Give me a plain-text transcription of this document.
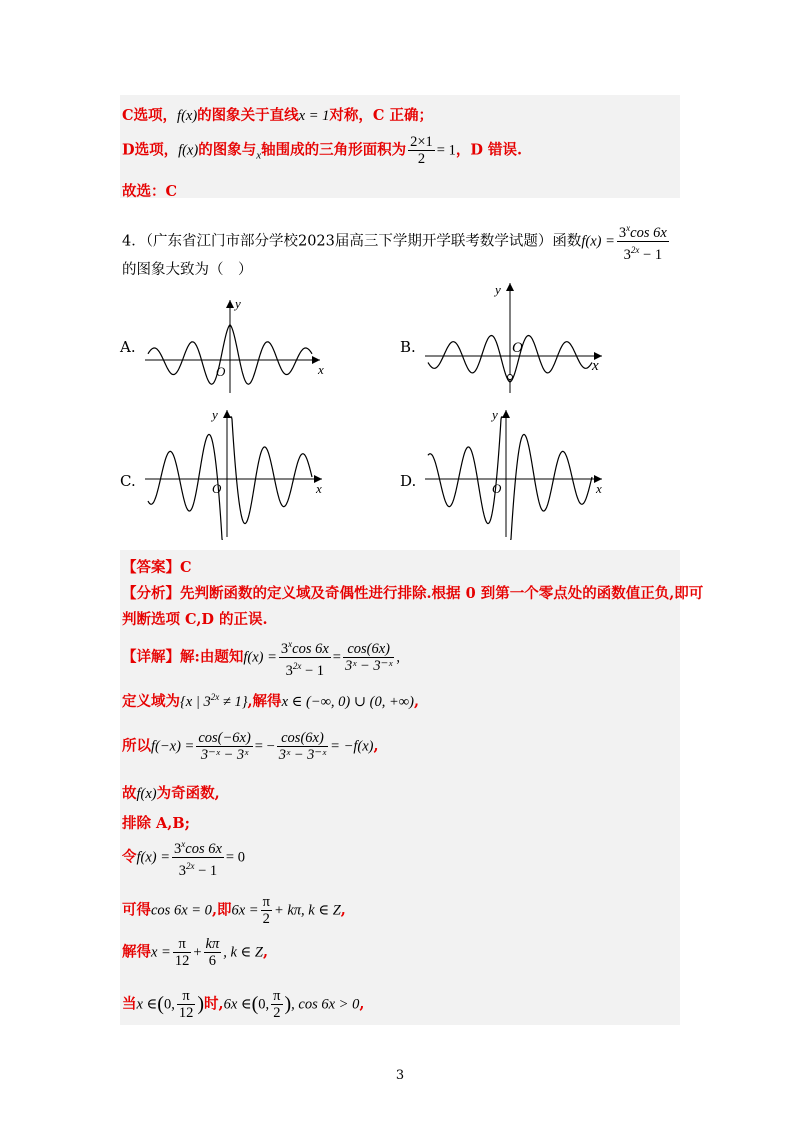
C选项，f(x)的图象关于直线x = 1对称，C 正确；
D选项，f(x)的图象与$_x$轴围成的三角形面积为 $\frac{2\times 1}{2} = 1$，D 错误.
故选：C
4．（广东省江门市部分学校2023届高三下学期开学联考数学试题）函数$f(x) = \frac{3^x\cos 6x}{3^{2x} - 1}$
的图象大致为（　）
A.	B.
C.	D.
y
x
O
y
x
O
y
x
O
y
x
O
【答案】C
【分析】先判断函数的定义域及奇偶性进行排除.根据 0 到第一个零点处的函数值正负,即可
判断选项 C,D 的正误.
【详解】解:由题知$f(x) = \frac{3^x\cos 6x}{3^{2x} - 1} = \frac{\cos(6x)}{\text{3ˣ − 3⁻ˣ}}$ ,
定义域为{x | $3^{2x} \ne 1$},解得x ∈ (−∞, 0) ∪ (0, +∞),
所以$f(-x) = \frac{\cos(-6x)}{\text{3⁻ˣ − 3ˣ}}$ = − $\frac{\cos(6x)}{\text{3ˣ − 3⁻ˣ}} = -f(x)$,
故f(x)为奇函数,
排除 A,B;
令$f(x) = \frac{3^x\cos 6x}{3^{2x} - 1} = 0$
可得cos 6x = 0,即$6x = \frac{\pi}{2} + k\pi$, k ∈ Z,
解得$x = \frac{\pi}{12} + \frac{k\pi}{6}$ , k ∈ Z,
当x ∈(0, $\frac{\pi}{12}$ )时,6x ∈(0, $\frac{\pi}{2}$ ), cos 6x > 0,
3
